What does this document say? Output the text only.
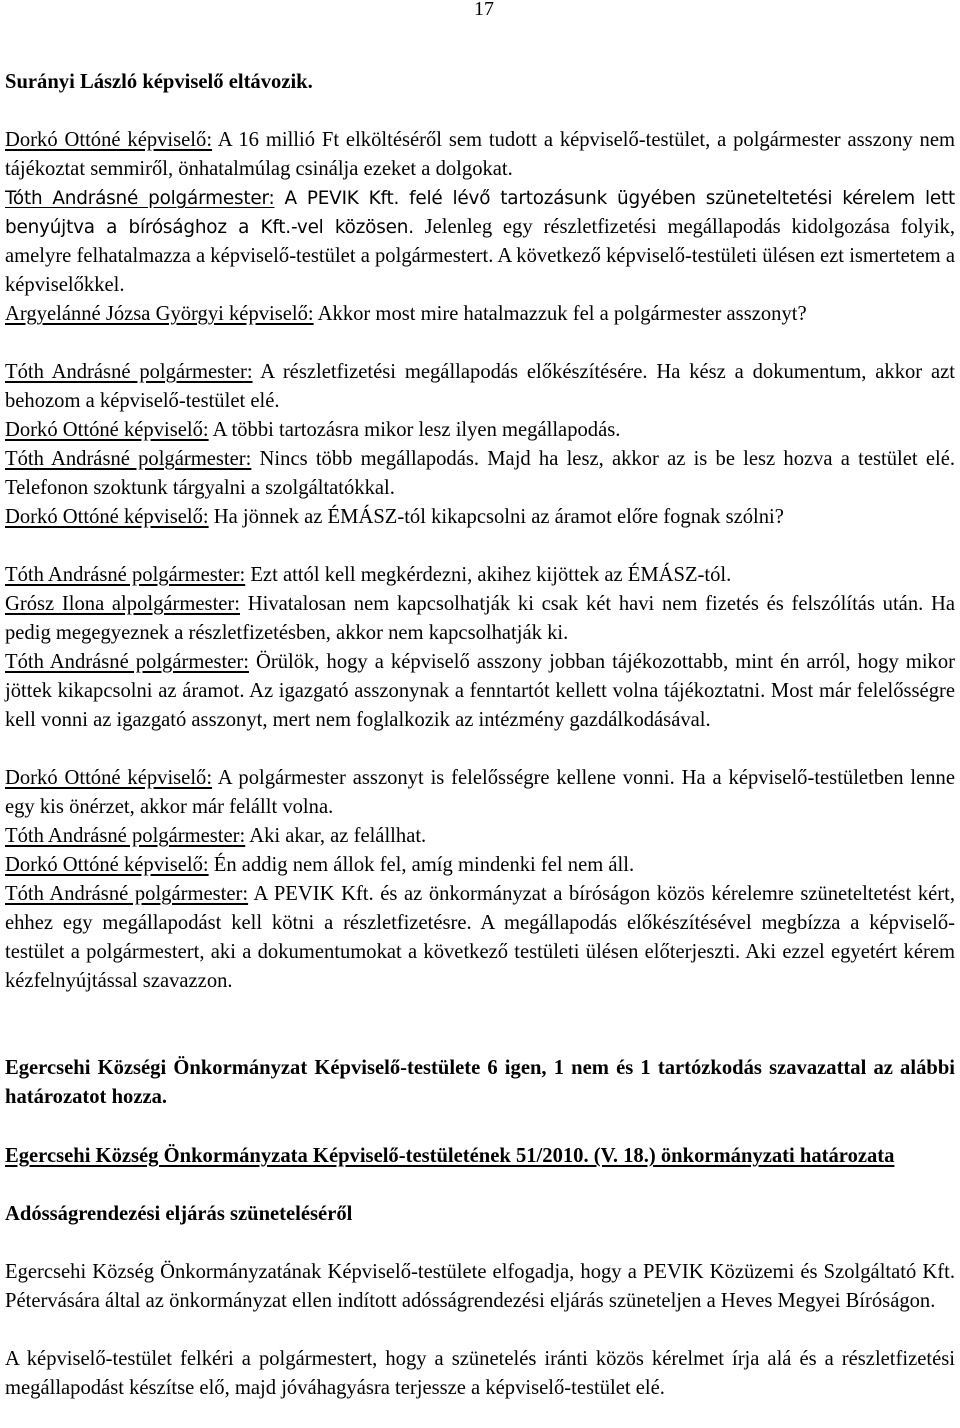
17

Surányi László képviselő eltávozik.

Dorkó Ottóné képviselő: A 16 millió Ft elköltéséről sem tudott a képviselő-testület, a polgármester asszony nem tájékoztat semmiről, önhatalmúlag csinálja ezeket a dolgokat.

Tóth Andrásné polgármester: A PEVIK Kft. felé lévő tartozásunk ügyében szüneteltetési kérelem lett benyújtva a bírósághoz a Kft.-vel közösen. Jelenleg egy részletfizetési megállapodás kidolgozása folyik, amelyre felhatalmazza a képviselő-testület a polgármestert. A következő képviselő-testületi ülésen ezt ismertetem a képviselőkkel.

Argyelánné Józsa Györgyi képviselő: Akkor most mire hatalmazzuk fel a polgármester asszonyt?

Tóth Andrásné polgármester: A részletfizetési megállapodás előkészítésére. Ha kész a dokumentum, akkor azt behozom a képviselő-testület elé.

Dorkó Ottóné képviselő: A többi tartozásra mikor lesz ilyen megállapodás.

Tóth Andrásné polgármester: Nincs több megállapodás. Majd ha lesz, akkor az is be lesz hozva a testület elé. Telefonon szoktunk tárgyalni a szolgáltatókkal.

Dorkó Ottóné képviselő: Ha jönnek az ÉMÁSZ-tól kikapcsolni az áramot előre fognak szólni?

Tóth Andrásné polgármester: Ezt attól kell megkérdezni, akihez kijöttek az ÉMÁSZ-tól.

Grósz Ilona alpolgármester: Hivatalosan nem kapcsolhatják ki csak két havi nem fizetés és felszólítás után. Ha pedig megegyeznek a részletfizetésben, akkor nem kapcsolhatják ki.

Tóth Andrásné polgármester: Örülök, hogy a képviselő asszony jobban tájékozottabb, mint én arról, hogy mikor jöttek kikapcsolni az áramot. Az igazgató asszonynak a fenntartót kellett volna tájékoztatni. Most már felelősségre kell vonni az igazgató asszonyt, mert nem foglalkozik az intézmény gazdálkodásával.

Dorkó Ottóné képviselő: A polgármester asszonyt is felelősségre kellene vonni. Ha a képviselő-testületben lenne egy kis önérzet, akkor már felállt volna.

Tóth Andrásné polgármester: Aki akar, az felállhat.

Dorkó Ottóné képviselő: Én addig nem állok fel, amíg mindenki fel nem áll.

Tóth Andrásné polgármester: A PEVIK Kft. és az önkormányzat a bíróságon közös kérelemre szüneteltetést kért, ehhez egy megállapodást kell kötni a részletfizetésre. A megállapodás előkészítésével megbízza a képviselő-testület a polgármestert, aki a dokumentumokat a következő testületi ülésen előterjeszti. Aki ezzel egyetért kérem kézfelnyújtással szavazzon.

Egercsehi Községi Önkormányzat Képviselő-testülete 6 igen, 1 nem és 1 tartózkodás szavazattal az alábbi határozatot hozza.

Egercsehi Község Önkormányzata Képviselő-testületének 51/2010. (V. 18.) önkormányzati határozata

Adósságrendezési eljárás szüneteléséről

Egercsehi Község Önkormányzatának Képviselő-testülete elfogadja, hogy a PEVIK Közüzemi és Szolgáltató Kft. Pétervására által az önkormányzat ellen indított adósságrendezési eljárás szüneteljen a Heves Megyei Bíróságon.

A képviselő-testület felkéri a polgármestert, hogy a szünetelés iránti közös kérelmet írja alá és a részletfizetési megállapodást készítse elő, majd jóváhagyásra terjessze a képviselő-testület elé.
